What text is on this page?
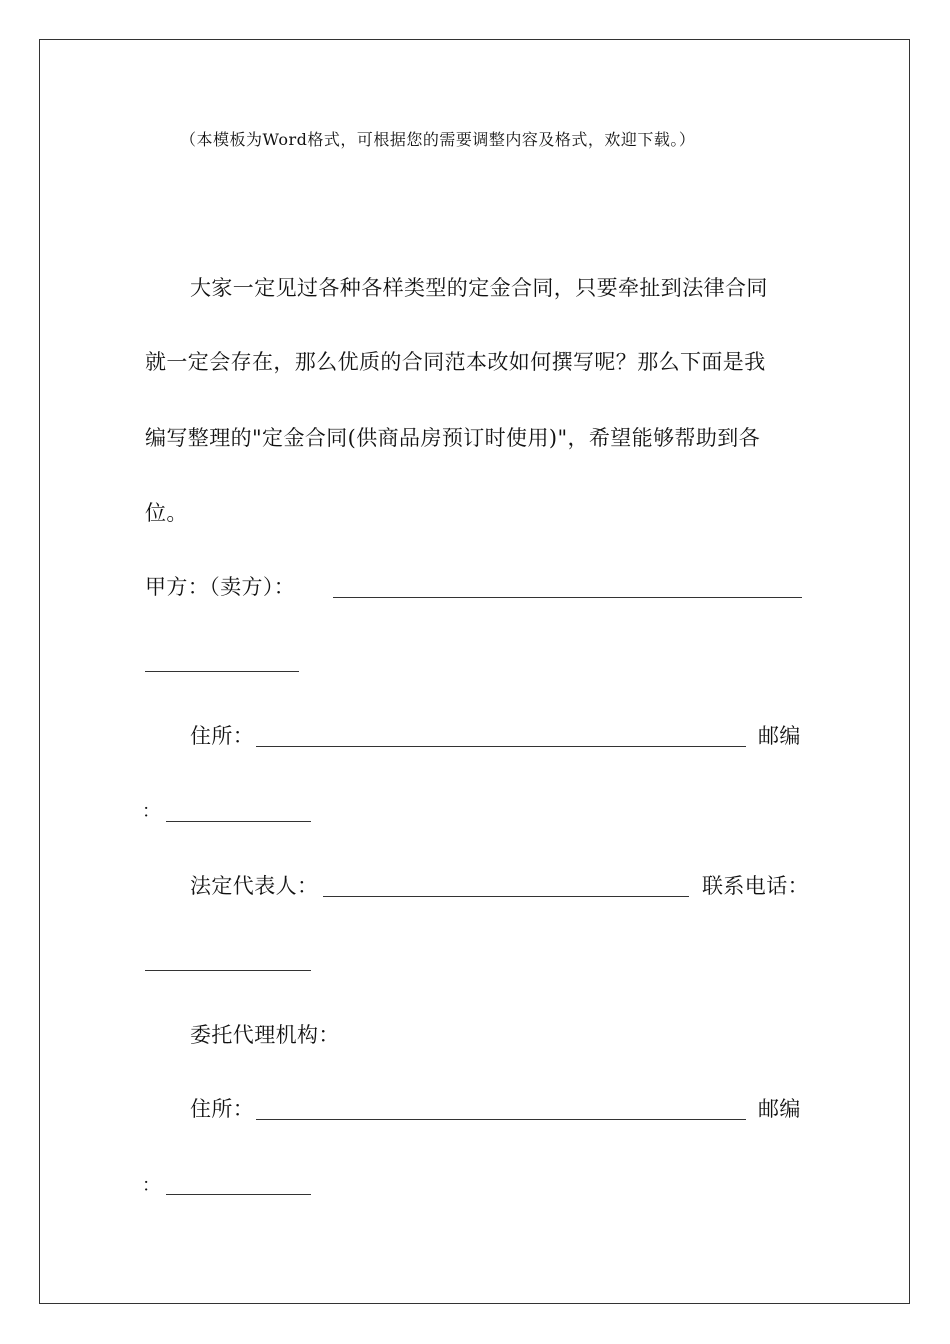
（本模板为Word格式，可根据您的需要调整内容及格式，欢迎下载。）
大家一定见过各种各样类型的定金合同，只要牵扯到法律合同
就一定会存在，那么优质的合同范本改如何撰写呢？那么下面是我
编写整理的"定金合同(供商品房预订时使用)"，希望能够帮助到各
位。
甲方：（卖方）：
住所：	邮编
：
法定代表人：	联系电话：
委托代理机构：
住所：	邮编
：
